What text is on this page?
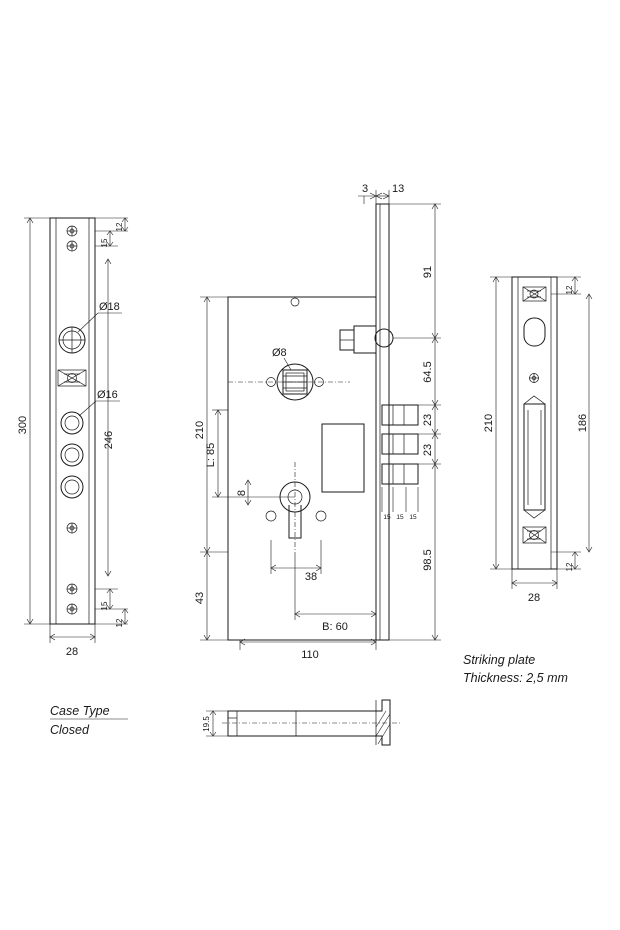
300
246
12
15
15
12
28
Ø18
Ø16
15 15 15
3 13
210
L: 85
43
8
Ø8
38
B: 60
110
91
64.5
23
23
98.5
12
12
210	186
28
Striking plate
Thickness: 2,5 mm
19.5
Case Type
Closed
